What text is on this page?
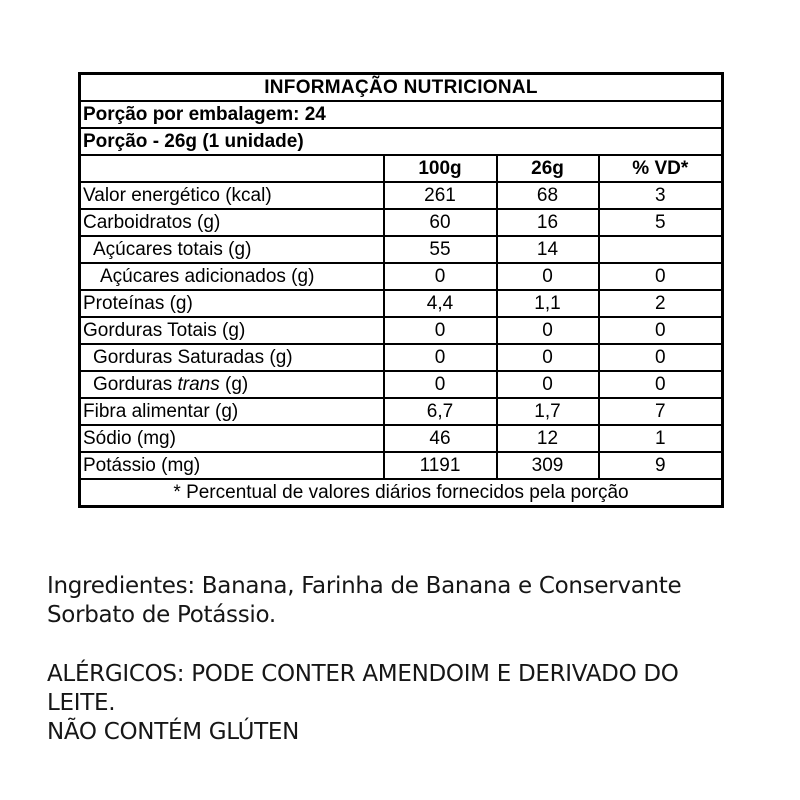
INFORMAÇÃO NUTRICIONAL			
Porção por embalagem: 24			
Porção - 26g (1 unidade)			
	100g	26g	% VD*
Valor energético (kcal)	261	68	3
Carboidratos (g)	60	16	5
Açúcares totais (g)	55	14	
Açúcares adicionados (g)	0	0	0
Proteínas (g)	4,4	1,1	2
Gorduras Totais (g)	0	0	0
Gorduras Saturadas (g)	0	0	0
Gorduras trans (g)	0	0	0
Fibra alimentar (g)	6,7	1,7	7
Sódio (mg)	46	12	1
Potássio (mg)	1191	309	9
* Percentual de valores diários fornecidos pela porção			
Ingredientes: Banana, Farinha de Banana e Conservante
Sorbato de Potássio.
ALÉRGICOS: PODE CONTER AMENDOIM E DERIVADO DO
LEITE.
NÃO CONTÉM GLÚTEN
